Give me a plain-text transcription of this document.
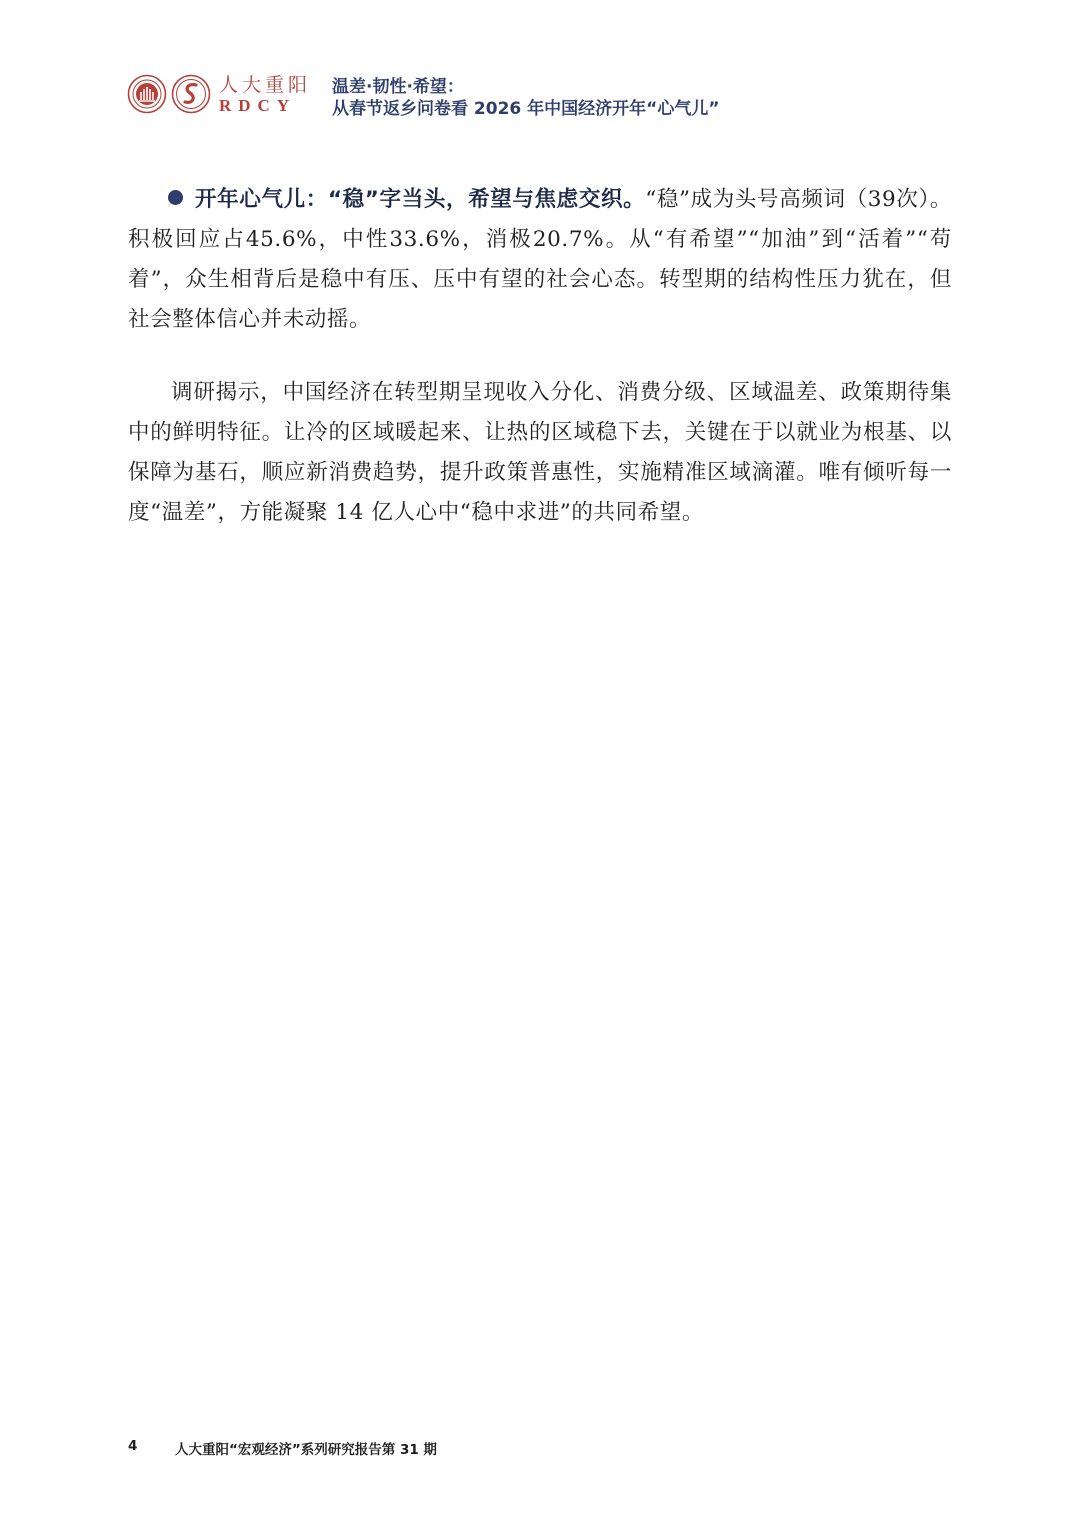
人大重阳
RDCY
温差·韧性·希望：
从春节返乡问卷看 2026 年中国经济开年“心气儿”

开年心气儿：“稳”字当头，希望与焦虑交织。“稳”成为头号高频词（39次）。积极回应占45.6%，中性33.6%，消极20.7%。从“有希望”“加油”到“活着”“苟着”，众生相背后是稳中有压、压中有望的社会心态。转型期的结构性压力犹在，但社会整体信心并未动摇。

调研揭示，中国经济在转型期呈现收入分化、消费分级、区域温差、政策期待集中的鲜明特征。让冷的区域暖起来、让热的区域稳下去，关键在于以就业为根基、以保障为基石，顺应新消费趋势，提升政策普惠性，实施精准区域滴灌。唯有倾听每一度“温差”，方能凝聚 14 亿人心中“稳中求进”的共同希望。

4	人大重阳“宏观经济”系列研究报告第 31 期
